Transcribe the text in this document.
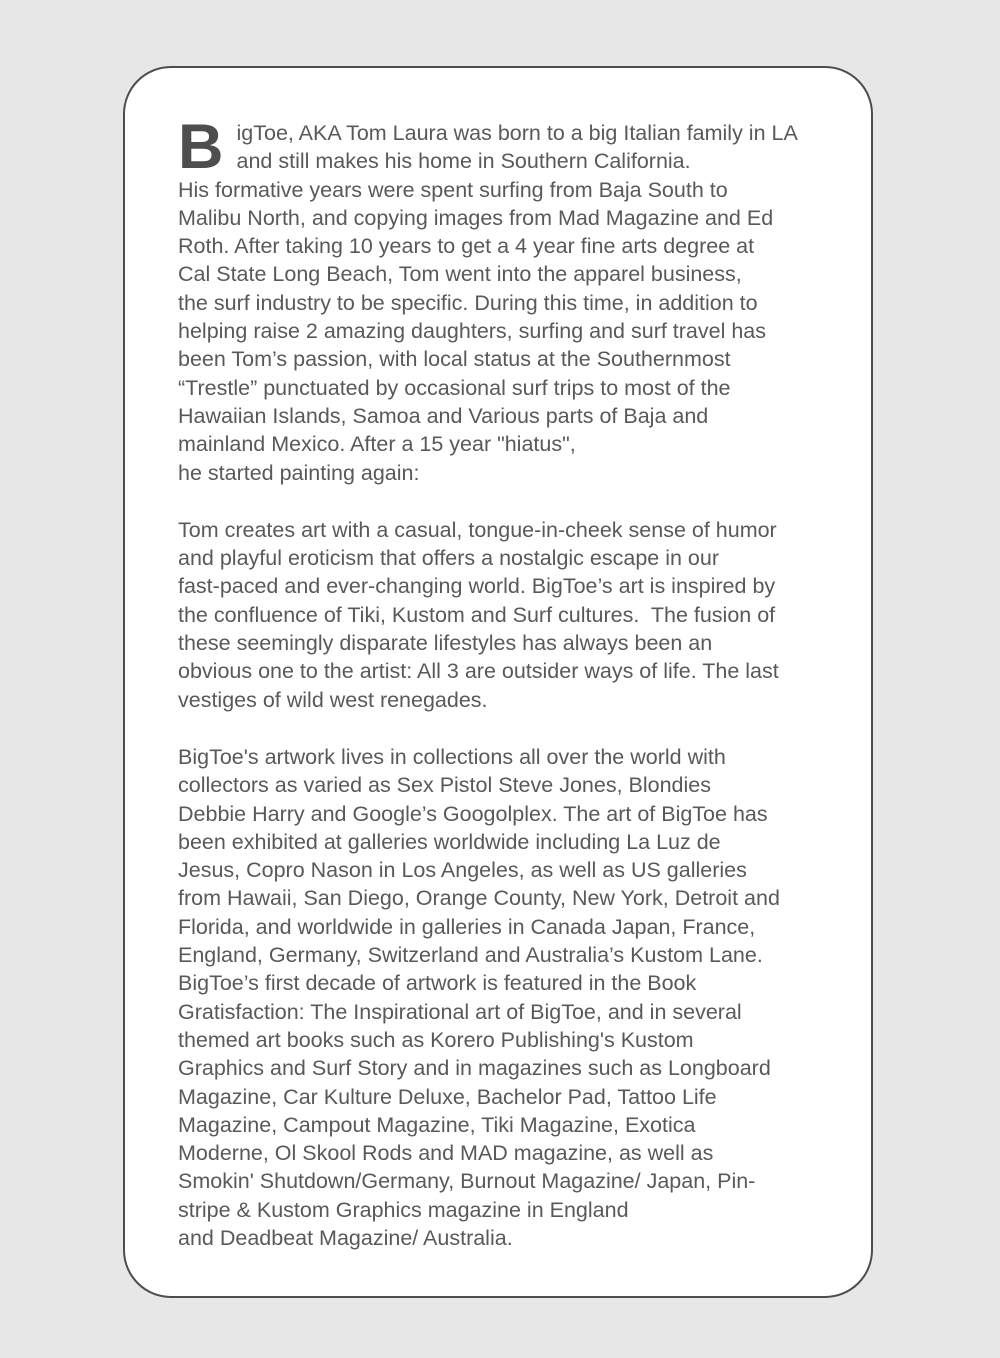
B igToe, AKA Tom Laura was born to a big Italian family in LA
and still makes his home in Southern California.
His formative years were spent surfing from Baja South to
Malibu North, and copying images from Mad Magazine and Ed
Roth. After taking 10 years to get a 4 year fine arts degree at
Cal State Long Beach, Tom went into the apparel business,
the surf industry to be specific. During this time, in addition to
helping raise 2 amazing daughters, surfing and surf travel has
been Tom’s passion, with local status at the Southernmost
“Trestle” punctuated by occasional surf trips to most of the
Hawaiian Islands, Samoa and Various parts of Baja and
mainland Mexico. After a 15 year "hiatus",
he started painting again:
Tom creates art with a casual, tongue-in-cheek sense of humor
and playful eroticism that offers a nostalgic escape in our
fast-paced and ever-changing world. BigToe’s art is inspired by
the confluence of Tiki, Kustom and Surf cultures.  The fusion of
these seemingly disparate lifestyles has always been an
obvious one to the artist: All 3 are outsider ways of life. The last
vestiges of wild west renegades.
BigToe's artwork lives in collections all over the world with
collectors as varied as Sex Pistol Steve Jones, Blondies
Debbie Harry and Google’s Googolplex. The art of BigToe has
been exhibited at galleries worldwide including La Luz de
Jesus, Copro Nason in Los Angeles, as well as US galleries
from Hawaii, San Diego, Orange County, New York, Detroit and
Florida, and worldwide in galleries in Canada Japan, France,
England, Germany, Switzerland and Australia’s Kustom Lane.
BigToe’s first decade of artwork is featured in the Book
Gratisfaction: The Inspirational art of BigToe, and in several
themed art books such as Korero Publishing's Kustom
Graphics and Surf Story and in magazines such as Longboard
Magazine, Car Kulture Deluxe, Bachelor Pad, Tattoo Life
Magazine, Campout Magazine, Tiki Magazine, Exotica
Moderne, Ol Skool Rods and MAD magazine, as well as
Smokin' Shutdown/Germany, Burnout Magazine/ Japan, Pin-
stripe & Kustom Graphics magazine in England
and Deadbeat Magazine/ Australia.
